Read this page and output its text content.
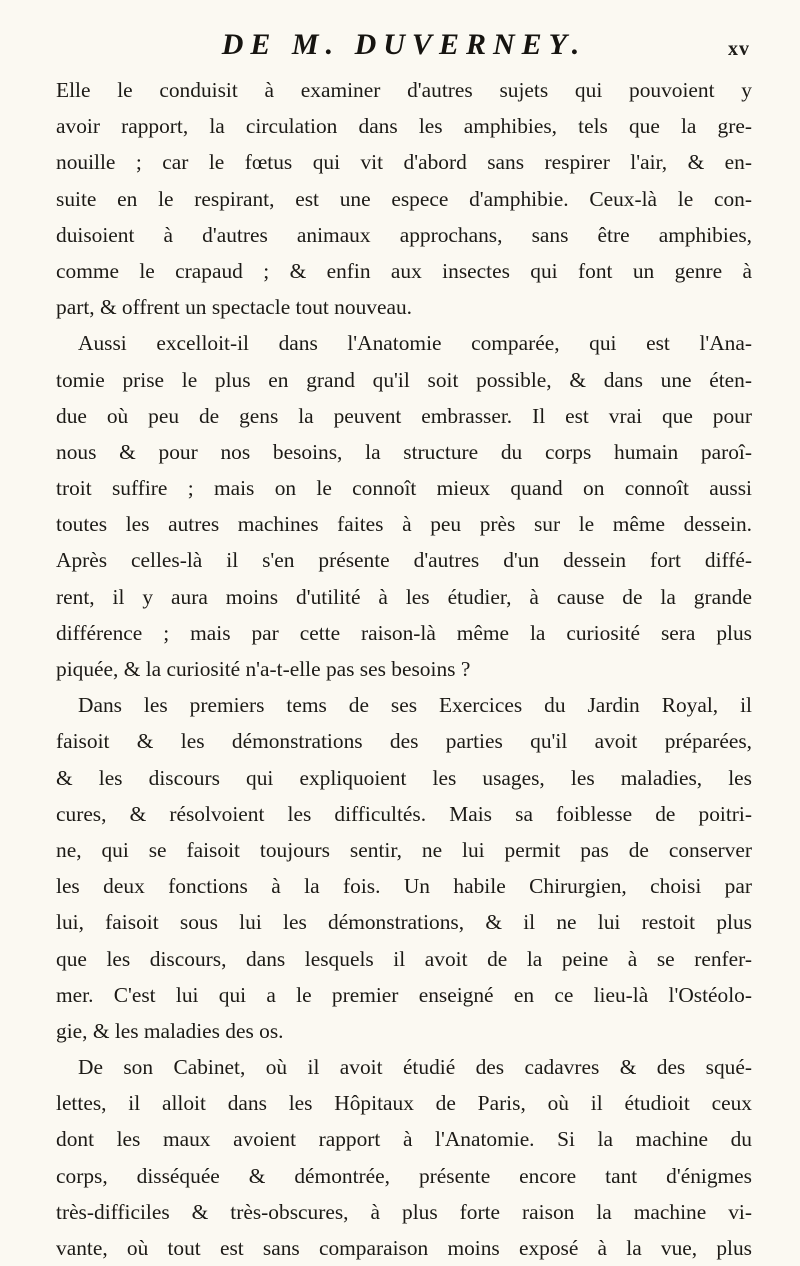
DE M. DUVERNEY.	xv
Elle le conduisit à examiner d'autres sujets qui pouvoient y
avoir rapport, la circulation dans les amphibies, tels que la gre-
nouille ; car le fœtus qui vit d'abord sans respirer l'air, & en-
suite en le respirant, est une espece d'amphibie. Ceux-là le con-
duisoient à d'autres animaux approchans, sans être amphibies,
comme le crapaud ; & enfin aux insectes qui font un genre à
part, & offrent un spectacle tout nouveau.
Aussi excelloit-il dans l'Anatomie comparée, qui est l'Ana-
tomie prise le plus en grand qu'il soit possible, & dans une éten-
due où peu de gens la peuvent embrasser. Il est vrai que pour
nous & pour nos besoins, la structure du corps humain paroî-
troit suffire ; mais on le connoît mieux quand on connoît aussi
toutes les autres machines faites à peu près sur le même dessein.
Après celles-là il s'en présente d'autres d'un dessein fort diffé-
rent, il y aura moins d'utilité à les étudier, à cause de la grande
différence ; mais par cette raison-là même la curiosité sera plus
piquée, & la curiosité n'a-t-elle pas ses besoins ?
Dans les premiers tems de ses Exercices du Jardin Royal, il
faisoit & les démonstrations des parties qu'il avoit préparées,
& les discours qui expliquoient les usages, les maladies, les
cures, & résolvoient les difficultés. Mais sa foiblesse de poitri-
ne, qui se faisoit toujours sentir, ne lui permit pas de conserver
les deux fonctions à la fois. Un habile Chirurgien, choisi par
lui, faisoit sous lui les démonstrations, & il ne lui restoit plus
que les discours, dans lesquels il avoit de la peine à se renfer-
mer. C'est lui qui a le premier enseigné en ce lieu-là l'Ostéolo-
gie, & les maladies des os.
De son Cabinet, où il avoit étudié des cadavres & des squé-
lettes, il alloit dans les Hôpitaux de Paris, où il étudioit ceux
dont les maux avoient rapport à l'Anatomie. Si la machine du
corps, disséquée & démontrée, présente encore tant d'énigmes
très-difficiles & très-obscures, à plus forte raison la machine vi-
vante, où tout est sans comparaison moins exposé à la vue, plus
